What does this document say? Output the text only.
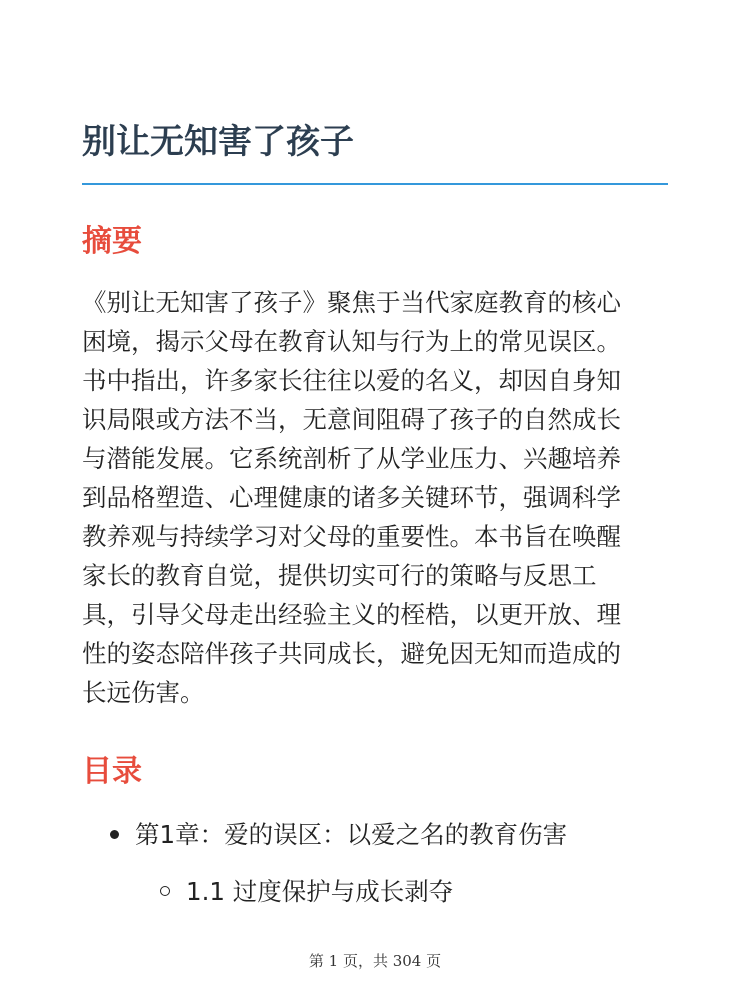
别让无知害了孩子
摘要

《别让无知害了孩子》聚焦于当代家庭教育的核心
困境，揭示父母在教育认知与行为上的常见误区。
书中指出，许多家长往往以爱的名义，却因自身知
识局限或方法不当，无意间阻碍了孩子的自然成长
与潜能发展。它系统剖析了从学业压力、兴趣培养
到品格塑造、心理健康的诸多关键环节，强调科学
教养观与持续学习对父母的重要性。本书旨在唤醒
家长的教育自觉，提供切实可行的策略与反思工
具，引导父母走出经验主义的桎梏，以更开放、理
性的姿态陪伴孩子共同成长，避免因无知而造成的
长远伤害。

目录
第1章：爱的误区：以爱之名的教育伤害
1.1 过度保护与成长剥夺
第 1 页，共 304 页
